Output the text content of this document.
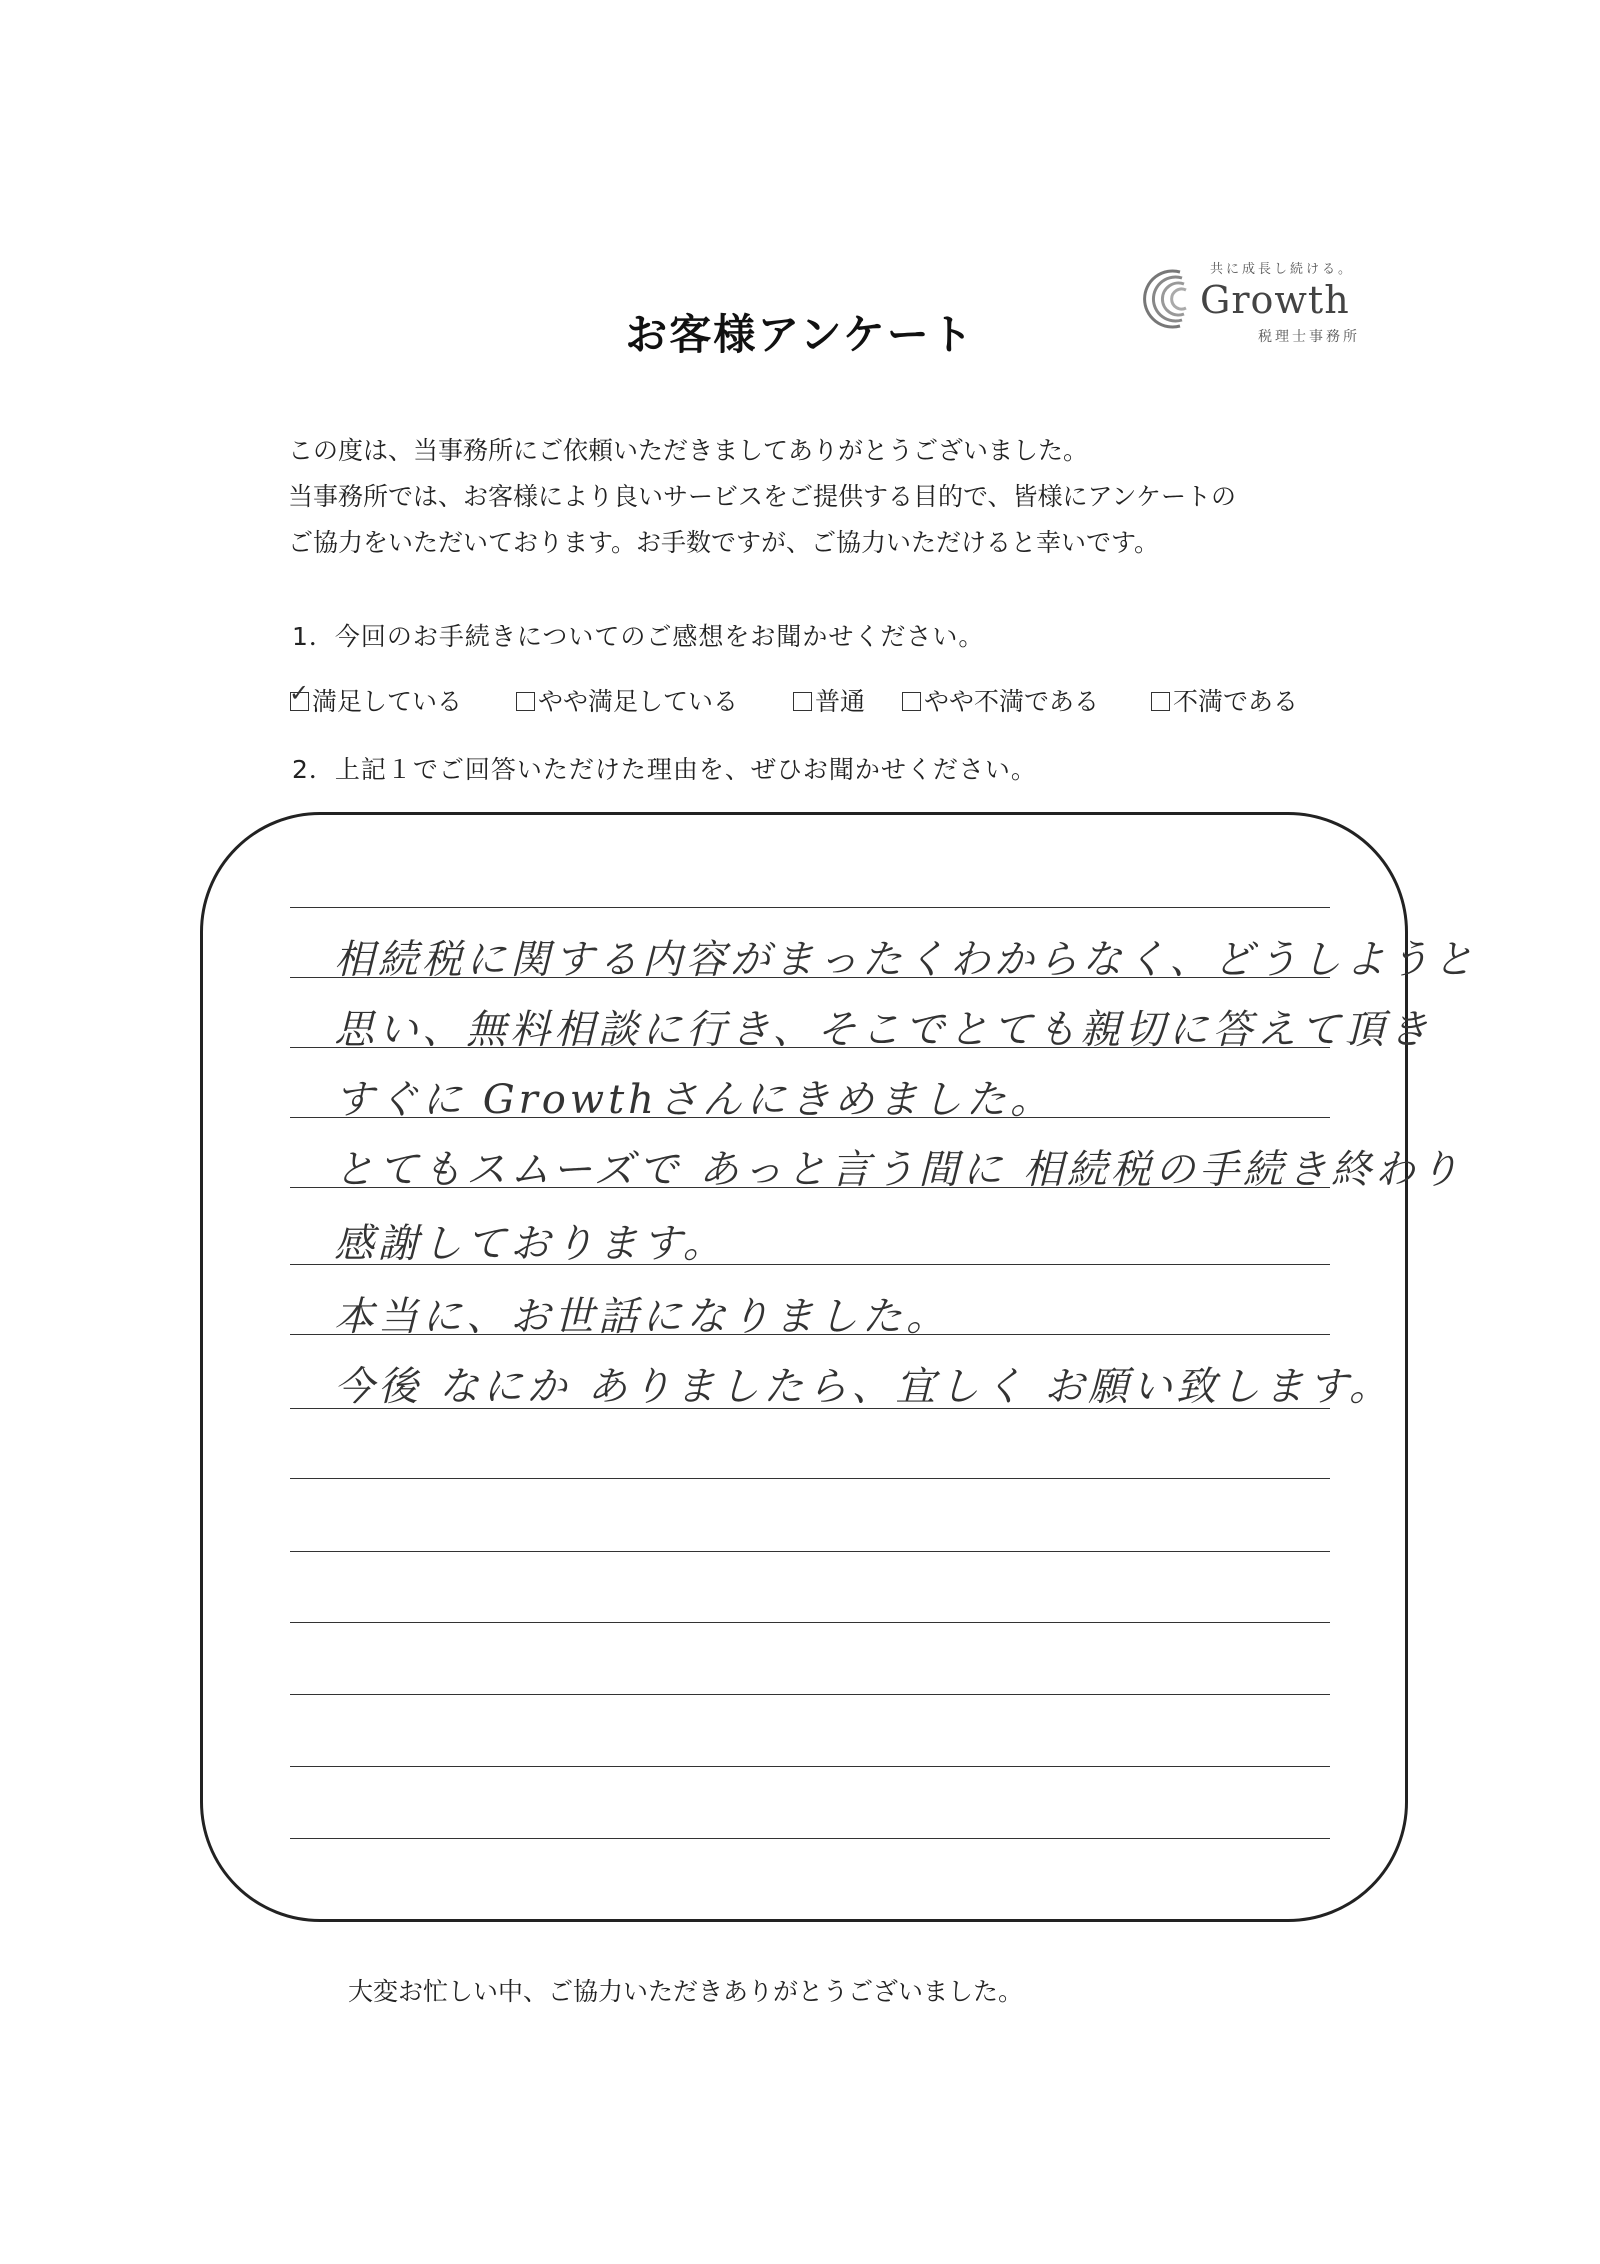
共に成長し続ける。
Growth
税理士事務所
お客様アンケート
この度は、当事務所にご依頼いただきましてありがとうございました。
当事務所では、お客様により良いサービスをご提供する目的で、皆様にアンケートの
ご協力をいただいております。お手数ですが、ご協力いただけると幸いです。
1．今回のお手続きについてのご感想をお聞かせください。
✓ 満足している	やや満足している	普通	やや不満である	不満である
2．上記１でご回答いただけた理由を、ぜひお聞かせください。
相続税に関する内容がまったくわからなく、どうしようと
思い、無料相談に行き、そこでとても親切に答えて頂き
すぐに Growthさんにきめました。
とてもスムーズで あっと言う間に 相続税の手続き終わり
感謝しております。
本当に、お世話になりました。
今後 なにか ありましたら、宜しく お願い致します。
大変お忙しい中、ご協力いただきありがとうございました。
